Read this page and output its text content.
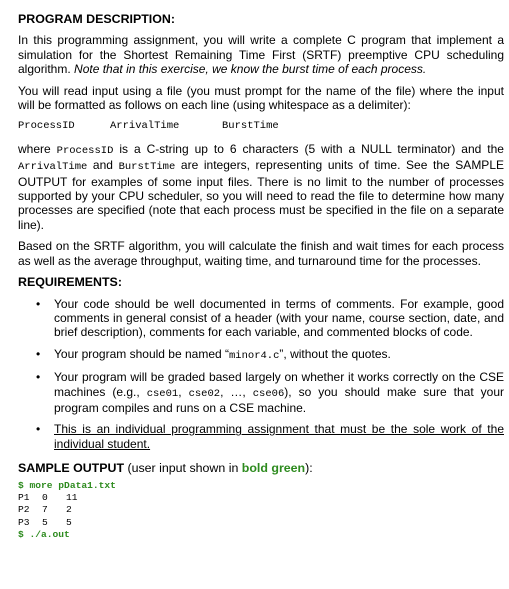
PROGRAM DESCRIPTION:

In this programming assignment, you will write a complete C program that implement a simulation for the Shortest Remaining Time First (SRTF) preemptive CPU scheduling algorithm. Note that in this exercise, we know the burst time of each process.

You will read input using a file (you must prompt for the name of the file) where the input will be formatted as follows on each line (using whitespace as a delimiter):

ProcessID	ArrivalTime	BurstTime

where ProcessID is a C-string up to 6 characters (5 with a NULL terminator) and the ArrivalTime and BurstTime are integers, representing units of time. See the SAMPLE OUTPUT for examples of some input files. There is no limit to the number of processes supported by your CPU scheduler, so you will need to read the file to determine how many processes are specified (note that each process must be specified in the file on a separate line).

Based on the SRTF algorithm, you will calculate the finish and wait times for each process as well as the average throughput, waiting time, and turnaround time for the processes.

REQUIREMENTS:
• Your code should be well documented in terms of comments. For example, good comments in general consist of a header (with your name, course section, date, and brief description), comments for each variable, and commented blocks of code.
• Your program should be named “minor4.c”, without the quotes.
• Your program will be graded based largely on whether it works correctly on the CSE machines (e.g., cse01, cse02, …, cse06), so you should make sure that your program compiles and runs on a CSE machine.
• This is an individual programming assignment that must be the sole work of the individual student.
SAMPLE OUTPUT (user input shown in bold green):
$ more pData1.txt
P1 0 11
P2 7 2
P3 5 5
$ ./a.out
